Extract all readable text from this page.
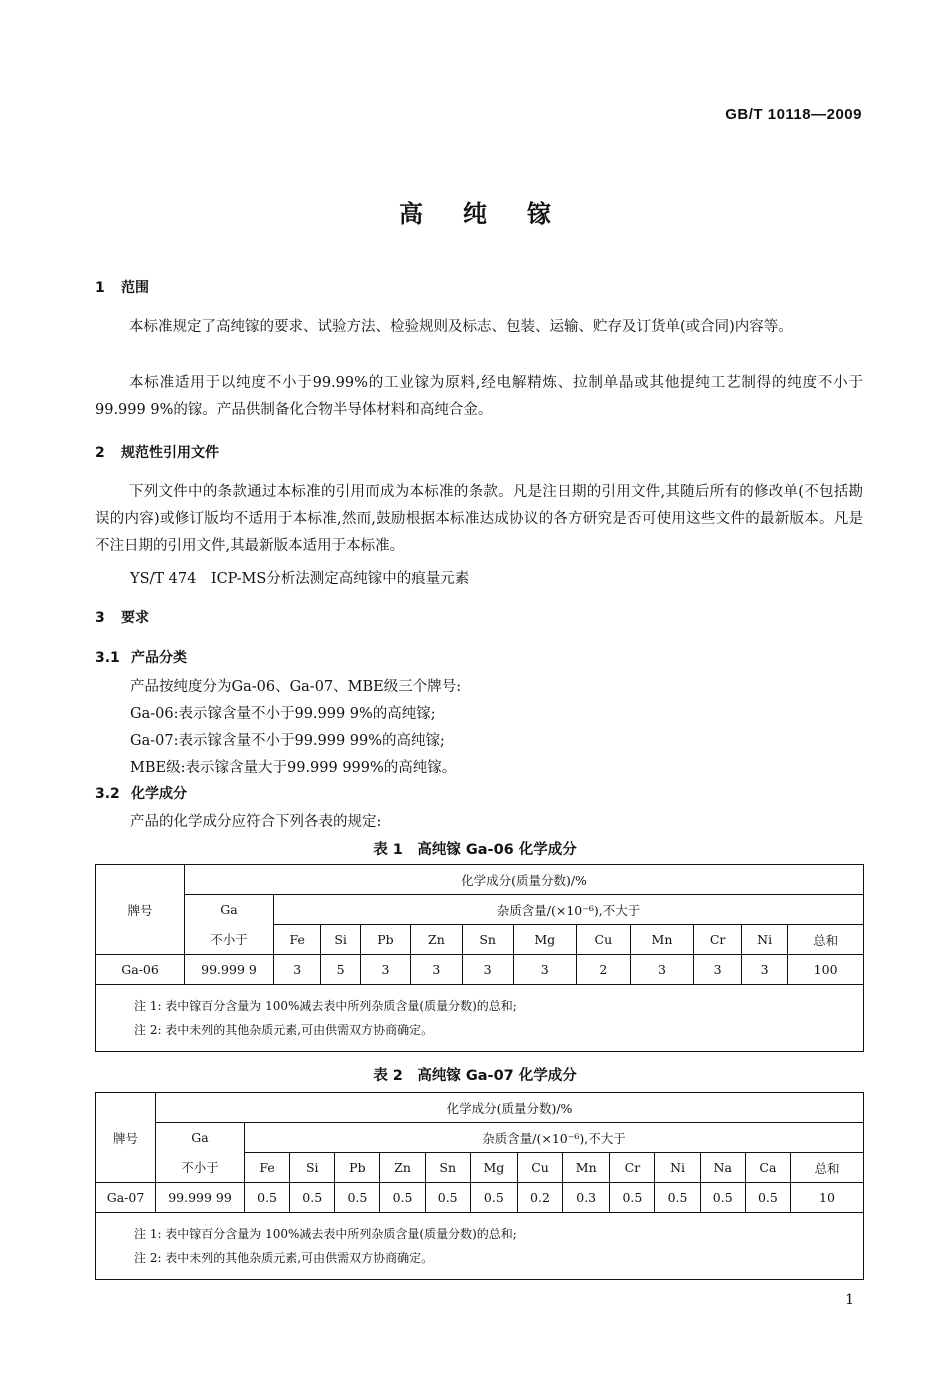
GB/T 10118—2009
高纯镓
1 范围
本标准规定了高纯镓的要求、试验方法、检验规则及标志、包装、运输、贮存及订货单(或合同)内容等。
本标准适用于以纯度不小于99.99%的工业镓为原料,经电解精炼、拉制单晶或其他提纯工艺制得的纯度不小于99.999 9%的镓。产品供制备化合物半导体材料和高纯合金。
2 规范性引用文件
下列文件中的条款通过本标准的引用而成为本标准的条款。凡是注日期的引用文件,其随后所有的修改单(不包括勘误的内容)或修订版均不适用于本标准,然而,鼓励根据本标准达成协议的各方研究是否可使用这些文件的最新版本。凡是不注日期的引用文件,其最新版本适用于本标准。
YS/T 474　ICP-MS分析法测定高纯镓中的痕量元素
3 要求
3.1 产品分类
产品按纯度分为Ga-06、Ga-07、MBE级三个牌号:
Ga-06:表示镓含量不小于99.999 9%的高纯镓;
Ga-07:表示镓含量不小于99.999 99%的高纯镓;
MBE级:表示镓含量大于99.999 999%的高纯镓。
3.2 化学成分
产品的化学成分应符合下列各表的规定:
表 1　高纯镓 Ga-06 化学成分
牌号	化学成分(质量分数)/%											
	Ga	杂质含量/(×10⁻⁶),不大于										
	不小于	Fe	Si	Pb	Zn	Sn	Mg	Cu	Mn	Cr	Ni	总和
Ga-06	99.999 9	3	5	3	3	3	3	2	3	3	3	100

注 1: 表中镓百分含量为 100%减去表中所列杂质含量(质量分数)的总和;
注 2: 表中未列的其他杂质元素,可由供需双方协商确定。												
表 2　高纯镓 Ga-07 化学成分
牌号	化学成分(质量分数)/%													
	Ga	杂质含量/(×10⁻⁶),不大于												
	不小于	Fe	Si	Pb	Zn	Sn	Mg	Cu	Mn	Cr	Ni	Na	Ca	总和
Ga-07	99.999 99	0.5	0.5	0.5	0.5	0.5	0.5	0.2	0.3	0.5	0.5	0.5	0.5	10

注 1: 表中镓百分含量为 100%减去表中所列杂质含量(质量分数)的总和;
注 2: 表中未列的其他杂质元素,可由供需双方协商确定。														
1
